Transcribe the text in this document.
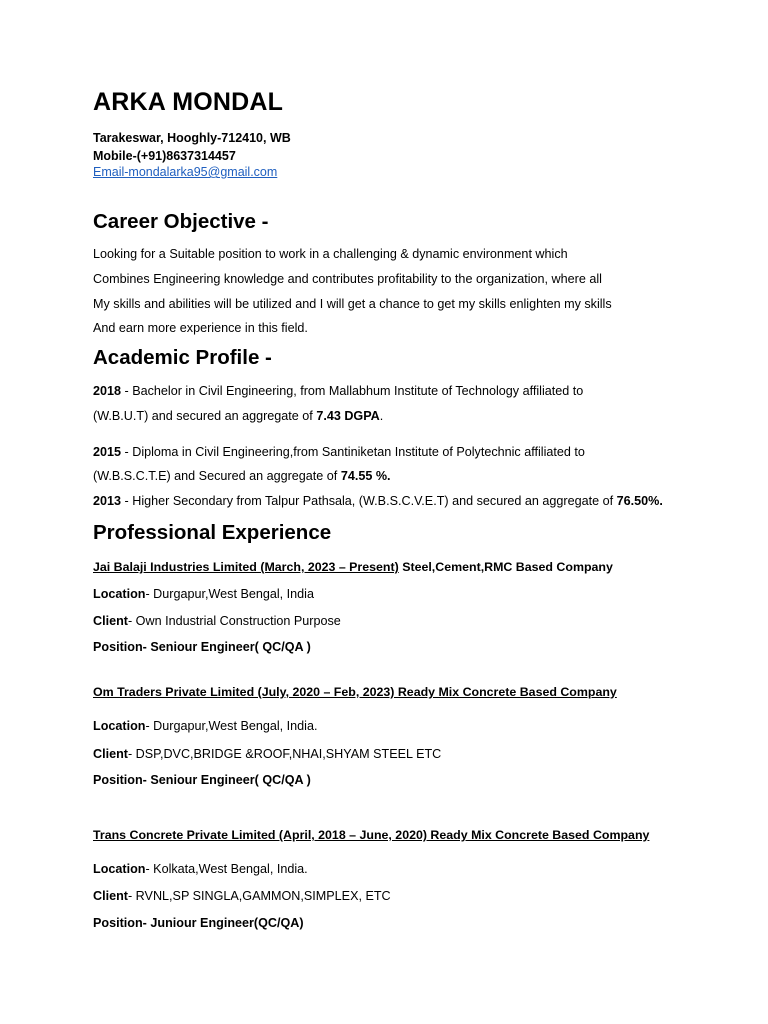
ARKA MONDAL
Tarakeswar, Hooghly-712410, WB
Mobile-(+91)8637314457
Email-mondalarka95@gmail.com
Career Objective -
Looking for a Suitable position to work in a challenging & dynamic environment which
Combines Engineering knowledge and contributes profitability to the organization, where all
My skills and abilities will be utilized and I will get a chance to get my skills enlighten my skills
And earn more experience in this field.
Academic Profile -
2018 - Bachelor in Civil Engineering, from Mallabhum Institute of Technology affiliated to
(W.B.U.T) and secured an aggregate of 7.43 DGPA.
2015 - Diploma in Civil Engineering,from Santiniketan Institute of Polytechnic affiliated to
(W.B.S.C.T.E) and Secured an aggregate of 74.55 %.
2013 - Higher Secondary from Talpur Pathsala, (W.B.S.C.V.E.T) and secured an aggregate of 76.50%.
Professional Experience
Jai Balaji Industries Limited (March, 2023 – Present) Steel,Cement,RMC Based Company
Location- Durgapur,West Bengal, India
Client- Own Industrial Construction Purpose
Position- Seniour Engineer( QC/QA )
Om Traders Private Limited (July, 2020 – Feb, 2023) Ready Mix Concrete Based Company
Location- Durgapur,West Bengal, India.
Client- DSP,DVC,BRIDGE &ROOF,NHAI,SHYAM STEEL ETC
Position- Seniour Engineer( QC/QA )
Trans Concrete Private Limited (April, 2018 – June, 2020) Ready Mix Concrete Based Company
Location- Kolkata,West Bengal, India.
Client- RVNL,SP SINGLA,GAMMON,SIMPLEX, ETC
Position- Juniour Engineer(QC/QA)
